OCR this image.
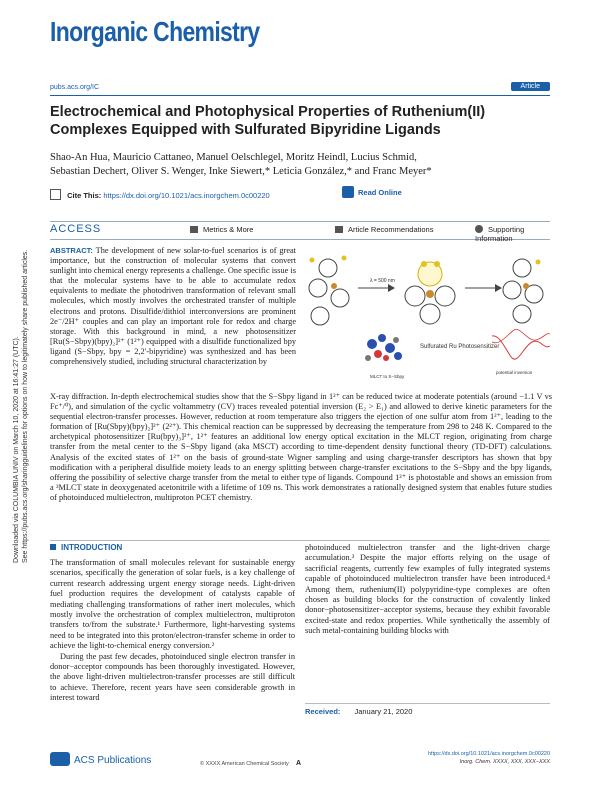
Inorganic Chemistry
pubs.acs.org/IC	Article
Electrochemical and Photophysical Properties of Ruthenium(II) Complexes Equipped with Sulfurated Bipyridine Ligands
Shao-An Hua, Mauricio Cattaneo, Manuel Oelschlegel, Moritz Heindl, Lucius Schmid,
Sebastian Dechert, Oliver S. Wenger, Inke Siewert,* Leticia González,* and Franc Meyer*
Cite This: https://dx.doi.org/10.1021/acs.inorgchem.0c00220	Read Online
ACCESS	Metrics & More	Article Recommendations	Supporting Information
ABSTRACT: The development of new solar-to-fuel scenarios is of great importance, but the construction of molecular systems that convert sunlight into chemical energy represents a challenge. One specific issue is that the molecular systems have to be able to accumulate redox equivalents to mediate the photodriven transformation of relevant small molecules, which mostly involves the orchestrated transfer of multiple electrons and protons. Disulfide/dithiol interconversions are prominent 2e⁻/2H⁺ couples and can play an important role for redox and charge storage. With this background in mind, a new photosensitizer [Ru(S−Sbpy)(bpy)₂]²⁺ (1²⁺) equipped with a disulfide functionalized bpy ligand (S−Sbpy, bpy = 2,2′-bipyridine) was synthesized and has been comprehensively studied, including structural characterization by
λ = 500 nm
Sulfurated Ru Photosensitizer
MLCT to S−Sbpy
potential inversion
X-ray diffraction. In-depth electrochemical studies show that the S−Sbpy ligand in 1²⁺ can be reduced twice at moderate potentials (around −1.1 V vs Fc⁺/⁰), and simulation of the cyclic voltammetry (CV) traces revealed potential inversion (E₂ > E₁) and allowed to derive kinetic parameters for the sequential electron-transfer processes. However, reduction at room temperature also triggers the ejection of one sulfur atom from 1²⁺, leading to the formation of [Ru(Sbpy)(bpy)₂]²⁺ (2²⁺). This chemical reaction can be suppressed by decreasing the temperature from 298 to 248 K. Compared to the archetypical photosensitizer [Ru(bpy)₃]²⁺, 1²⁺ features an additional low energy optical excitation in the MLCT region, originating from charge transfer from the metal center to the S−Sbpy ligand (aka MSCT) according to time-dependent density functional theory (TD-DFT) calculations. Analysis of the excited states of 1²⁺ on the basis of ground-state Wigner sampling and using charge-transfer descriptors has shown that bpy modification with a peripheral disulfide moiety leads to an energy splitting between charge-transfer excitations to the S−Sbpy and the bpy ligands, offering the possibility of selective charge transfer from the metal to either type of ligands. Compound 1²⁺ is photostable and shows an emission from a ³MLCT state in deoxygenated acetonitrile with a lifetime of 109 ns. This work demonstrates a rationally designed system that enables future studies of photoinduced multielectron, multiproton PCET chemistry.
INTRODUCTION

The transformation of small molecules relevant for sustainable energy scenarios, specifically the generation of solar fuels, is a key challenge of current research addressing urgent energy storage needs. Light-driven fuel production requires the development of catalysts capable of mediating challenging transformations of rather inert molecules, which mostly involve the orchestration of complex multielectron, multiproton transfers to/from the substrate.¹ Furthermore, light-harvesting systems need to be integrated into this proton/electron-transfer scheme in order to achieve the light-to-chemical energy conversion.²

During the past few decades, photoinduced single electron transfer in donor−acceptor compounds has been thoroughly investigated. However, the above light-driven multielectron-transfer processes are still difficult to achieve. Therefore, recent years have seen considerable growth in interest toward

photoinduced multielectron transfer and the light-driven charge accumulation.³ Despite the major efforts relying on the usage of sacrificial reagents, currently few examples of fully integrated systems capable of photoinduced multielectron transfer have been introduced.⁴ Among them, ruthenium(II) polypyridine-type complexes are often chosen as building blocks for the construction of covalently linked donor−photosensitizer−acceptor systems, because they exhibit favorable excited-state and redox properties. While synthetically the assembly of such metal-containing building blocks with
Received: January 21, 2020
Downloaded via COLUMBIA UNIV on March 10, 2020 at 16:41:27 (UTC). See https://pubs.acs.org/sharingguidelines for options on how to legitimately share published articles.
ACS Publications	© XXXX American Chemical Society A
https://dx.doi.org/10.1021/acs.inorgchem.0c00220
Inorg. Chem. XXXX, XXX, XXX−XXX
